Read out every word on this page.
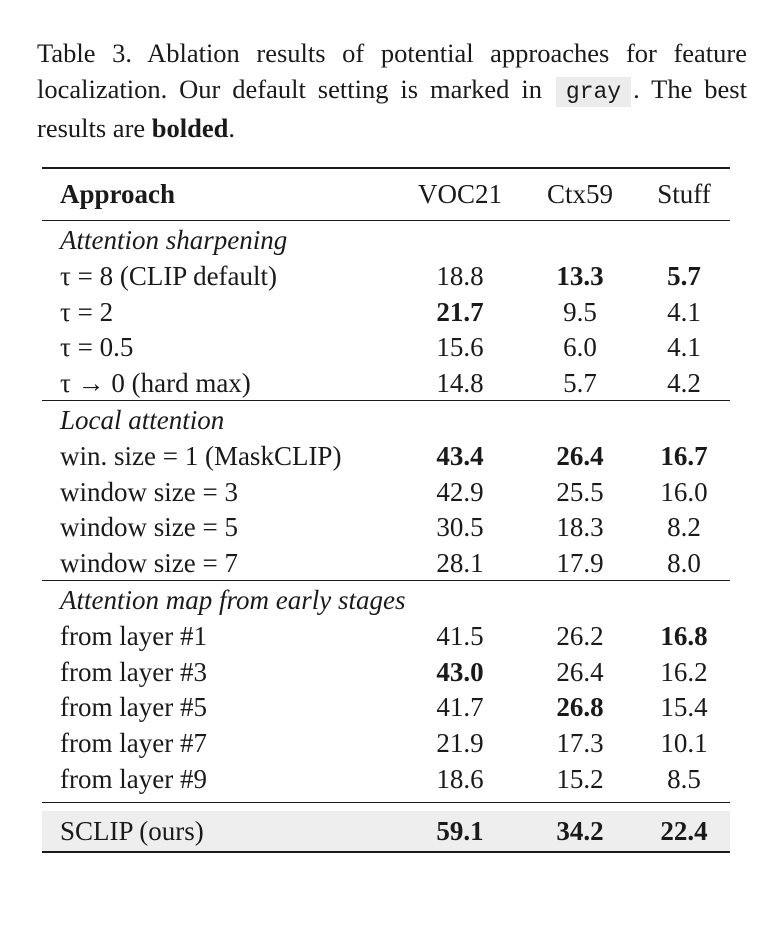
Table 3. Ablation results of potential approaches for feature localization. Our default setting is marked in gray . The best results are bolded.
Approach	VOC21	Ctx59	Stuff
Attention sharpening
τ = 8 (CLIP default)	18.8	13.3	5.7
τ = 2	21.7	9.5	4.1
τ = 0.5	15.6	6.0	4.1
τ → 0 (hard max)	14.8	5.7	4.2
Local attention
win. size = 1 (MaskCLIP)	43.4	26.4	16.7
window size = 3	42.9	25.5	16.0
window size = 5	30.5	18.3	8.2
window size = 7	28.1	17.9	8.0
Attention map from early stages
from layer #1	41.5	26.2	16.8
from layer #3	43.0	26.4	16.2
from layer #5	41.7	26.8	15.4
from layer #7	21.9	17.3	10.1
from layer #9	18.6	15.2	8.5
SCLIP (ours)	59.1	34.2	22.4
